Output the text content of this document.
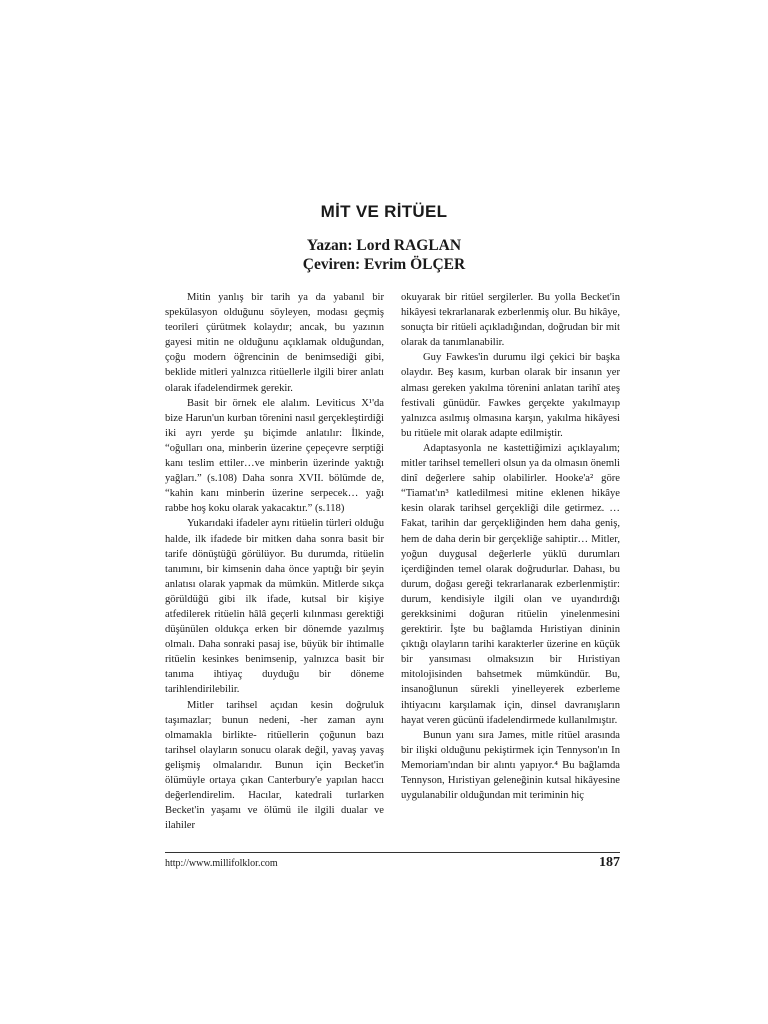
MİT VE RİTÜEL
Yazan: Lord RAGLAN
Çeviren: Evrim ÖLÇER

Mitin yanlış bir tarih ya da yabanıl bir spekülasyon olduğunu söyleyen, modası geçmiş teorileri çürütmek kolaydır; ancak, bu yazının gayesi mitin ne olduğunu açıklamak olduğundan, çoğu modern öğrencinin de benimsediği gibi, beklide mitleri yalnızca ritüellerle ilgili birer anlatı olarak ifadelendirmek gerekir.

Basit bir örnek ele alalım. Leviticus X¹'da bize Harun'un kurban törenini nasıl gerçekleştirdiği iki ayrı yerde şu biçimde anlatılır: İlkinde, “oğulları ona, minberin üzerine çepeçevre serptiği kanı teslim ettiler…ve minberin üzerinde yaktığı yağları.” (s.108) Daha sonra XVII. bölümde de, “kahin kanı minberin üzerine serpecek… yağı rabbe hoş koku olarak yakacaktır.” (s.118)

Yukarıdaki ifadeler aynı ritüelin türleri olduğu halde, ilk ifadede bir mitken daha sonra basit bir tarife dönüştüğü görülüyor. Bu durumda, ritüelin tanımını, bir kimsenin daha önce yaptığı bir şeyin anlatısı olarak yapmak da mümkün. Mitlerde sıkça görüldüğü gibi ilk ifade, kutsal bir kişiye atfedilerek ritüelin hâlâ geçerli kılınması gerektiği düşünülen oldukça erken bir dönemde yazılmış olmalı. Daha sonraki pasaj ise, büyük bir ihtimalle ritüelin kesinkes benimsenip, yalnızca basit bir tanıma ihtiyaç duyduğu bir döneme tarihlendirilebilir.

Mitler tarihsel açıdan kesin doğruluk taşımazlar; bunun nedeni, -her zaman aynı olmamakla birlikte- ritüellerin çoğunun bazı tarihsel olayların sonucu olarak değil, yavaş yavaş gelişmiş olmalarıdır. Bunun için Becket'in ölümüyle ortaya çıkan Canterbury'e yapılan haccı değerlendirelim. Hacılar, katedrali turlarken Becket'in yaşamı ve ölümü ile ilgili dualar ve ilahiler

okuyarak bir ritüel sergilerler. Bu yolla Becket'in hikâyesi tekrarlanarak ezberlenmiş olur. Bu hikâye, sonuçta bir ritüeli açıkladığından, doğrudan bir mit olarak da tanımlanabilir.

Guy Fawkes'in durumu ilgi çekici bir başka olaydır. Beş kasım, kurban olarak bir insanın yer alması gereken yakılma törenini anlatan tarihî ateş festivali günüdür. Fawkes gerçekte yakılmayıp yalnızca asılmış olmasına karşın, yakılma hikâyesi bu ritüele mit olarak adapte edilmiştir.

Adaptasyonla ne kastettiğimizi açıklayalım; mitler tarihsel temelleri olsun ya da olmasın önemli dinî değerlere sahip olabilirler. Hooke'a² göre “Tiamat'ın³ katledilmesi mitine eklenen hikâye kesin olarak tarihsel gerçekliği dile getirmez. … Fakat, tarihin dar gerçekliğinden hem daha geniş, hem de daha derin bir gerçekliğe sahiptir… Mitler, yoğun duygusal değerlerle yüklü durumları içerdiğinden temel olarak doğrudurlar. Dahası, bu durum, doğası gereği tekrarlanarak ezberlenmiştir: durum, kendisiyle ilgili olan ve uyandırdığı gerekksinimi doğuran ritüelin yinelenmesini gerektirir. İşte bu bağlamda Hıristiyan dininin çıktığı olayların tarihi karakterler üzerine en küçük bir yansıması olmaksızın bir Hıristiyan mitolojisinden bahsetmek mümkündür. Bu, insanoğlunun sürekli yinelleyerek ezberleme ihtiyacını karşılamak için, dinsel davranışların hayat veren gücünü ifadelendirmede kullanılmıştır.

Bunun yanı sıra James, mitle ritüel arasında bir ilişki olduğunu pekiştirmek için Tennyson'ın In Memoriam'ından bir alıntı yapıyor.⁴ Bu bağlamda Tennyson, Hıristiyan geleneğinin kutsal hikâyesine uygulanabilir olduğundan mit teriminin hiç

http://www.millifolklor.com	187
